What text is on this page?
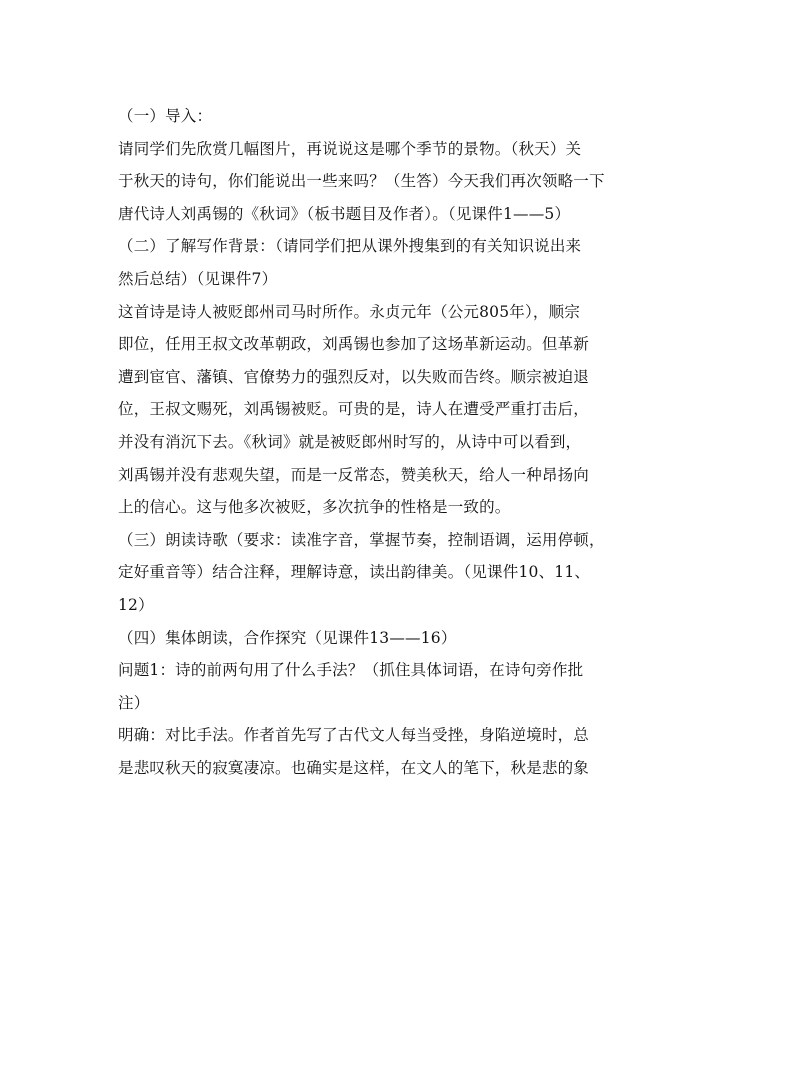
（一）导入：
请同学们先欣赏几幅图片，再说说这是哪个季节的景物。（秋天）关
于秋天的诗句，你们能说出一些来吗？（生答）今天我们再次领略一下
唐代诗人刘禹锡的《秋词》（板书题目及作者）。（见课件1——5）
（二）了解写作背景：（请同学们把从课外搜集到的有关知识说出来
然后总结）（见课件7）
这首诗是诗人被贬郎州司马时所作。永贞元年（公元805年），顺宗
即位，任用王叔文改革朝政，刘禹锡也参加了这场革新运动。但革新
遭到宦官、藩镇、官僚势力的强烈反对，以失败而告终。顺宗被迫退
位，王叔文赐死，刘禹锡被贬。可贵的是，诗人在遭受严重打击后，
并没有消沉下去。《秋词》就是被贬郎州时写的，从诗中可以看到，
刘禹锡并没有悲观失望，而是一反常态，赞美秋天，给人一种昂扬向
上的信心。这与他多次被贬，多次抗争的性格是一致的。
（三）朗读诗歌（要求：读准字音，掌握节奏，控制语调，运用停顿，
定好重音等）结合注释，理解诗意，读出韵律美。（见课件10、11、
12）
（四）集体朗读，合作探究（见课件13——16）
问题1：诗的前两句用了什么手法？（抓住具体词语，在诗句旁作批
注）
明确：对比手法。作者首先写了古代文人每当受挫，身陷逆境时，总
是悲叹秋天的寂寞凄凉。也确实是这样，在文人的笔下，秋是悲的象
